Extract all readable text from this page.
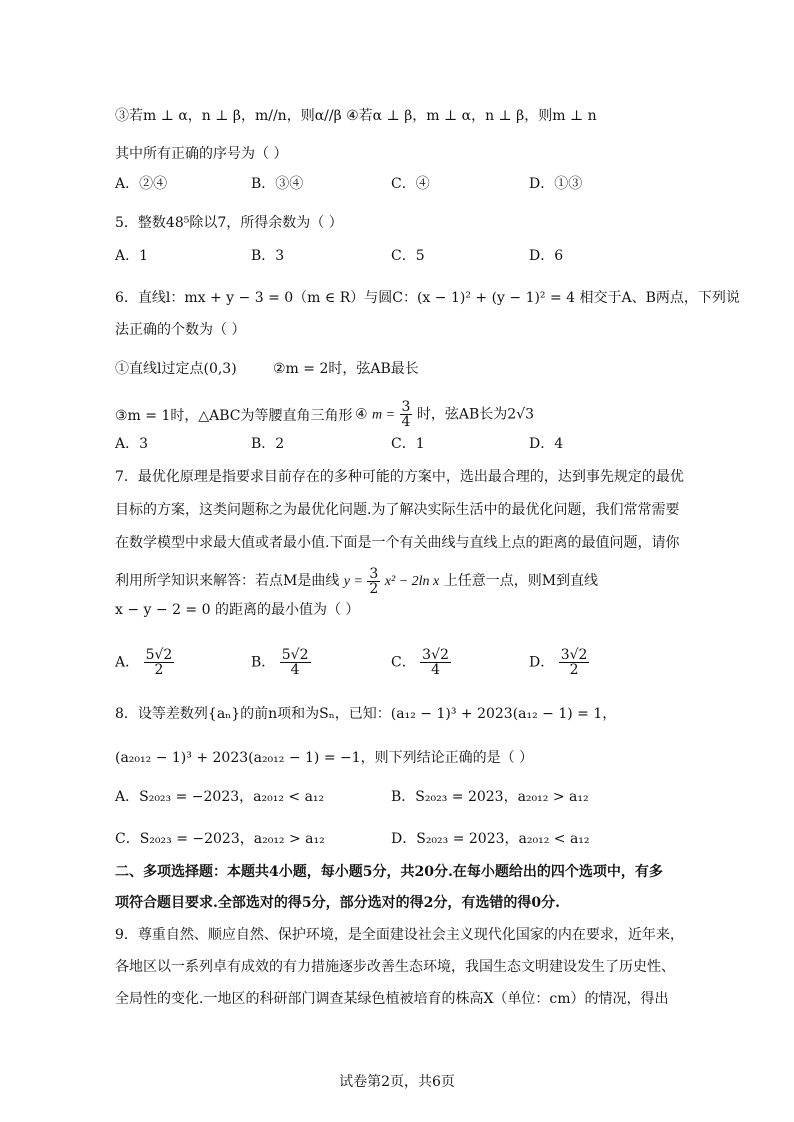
③若m ⊥ α，n ⊥ β，m//n，则α//β ④若α ⊥ β，m ⊥ α，n ⊥ β，则m ⊥ n
其中所有正确的序号为（ ）
A．②④	B．③④	C．④	D．①③
5．整数48⁵除以7，所得余数为（ ）
A．1	B．3	C．5	D．6
6．直线l：mx + y − 3 = 0（m ∈ R）与圆C：(x − 1)² + (y − 1)² = 4 相交于A、B两点，下列说
法正确的个数为（ ）
①直线l过定点(0,3)	②m = 2时，弦AB最长
③m = 1时，△ABC为等腰直角三角形 ④ $m = \frac{3}{4}$ 时，弦AB长为2√3
A．3	B．2	C．1	D．4
7．最优化原理是指要求目前存在的多种可能的方案中，选出最合理的，达到事先规定的最优
目标的方案，这类问题称之为最优化问题.为了解决实际生活中的最优化问题，我们常常需要
在数学模型中求最大值或者最小值.下面是一个有关曲线与直线上点的距离的最值问题，请你
利用所学知识来解答：若点M是曲线 $y = \frac{3}{2} x^2 - 2\ln$ x 上任意一点，则M到直线
x − y − 2 = 0 的距离的最小值为（ ）
A． $\frac{5√2}{2}$	B． $\frac{5√2}{4}$	C． $\frac{3√2}{4}$	D． $\frac{3√2}{2}$
8．设等差数列{aₙ}的前n项和为Sₙ，已知：(a₁₂ − 1)³ + 2023(a₁₂ − 1) = 1，
(a₂₀₁₂ − 1)³ + 2023(a₂₀₁₂ − 1) = −1，则下列结论正确的是（ ）
A．S₂₀₂₃ = −2023，a₂₀₁₂ < a₁₂	B．S₂₀₂₃ = 2023，a₂₀₁₂ > a₁₂
C．S₂₀₂₃ = −2023，a₂₀₁₂ > a₁₂	D．S₂₀₂₃ = 2023，a₂₀₁₂ < a₁₂
二、多项选择题：本题共4小题，每小题5分，共20分.在每小题给出的四个选项中，有多
项符合题目要求.全部选对的得5分，部分选对的得2分，有选错的得0分.
9．尊重自然、顺应自然、保护环境，是全面建设社会主义现代化国家的内在要求，近年来，
各地区以一系列卓有成效的有力措施逐步改善生态环境，我国生态文明建设发生了历史性、
全局性的变化.一地区的科研部门调查某绿色植被培育的株高X（单位：cm）的情况，得出
试卷第2页，共6页
